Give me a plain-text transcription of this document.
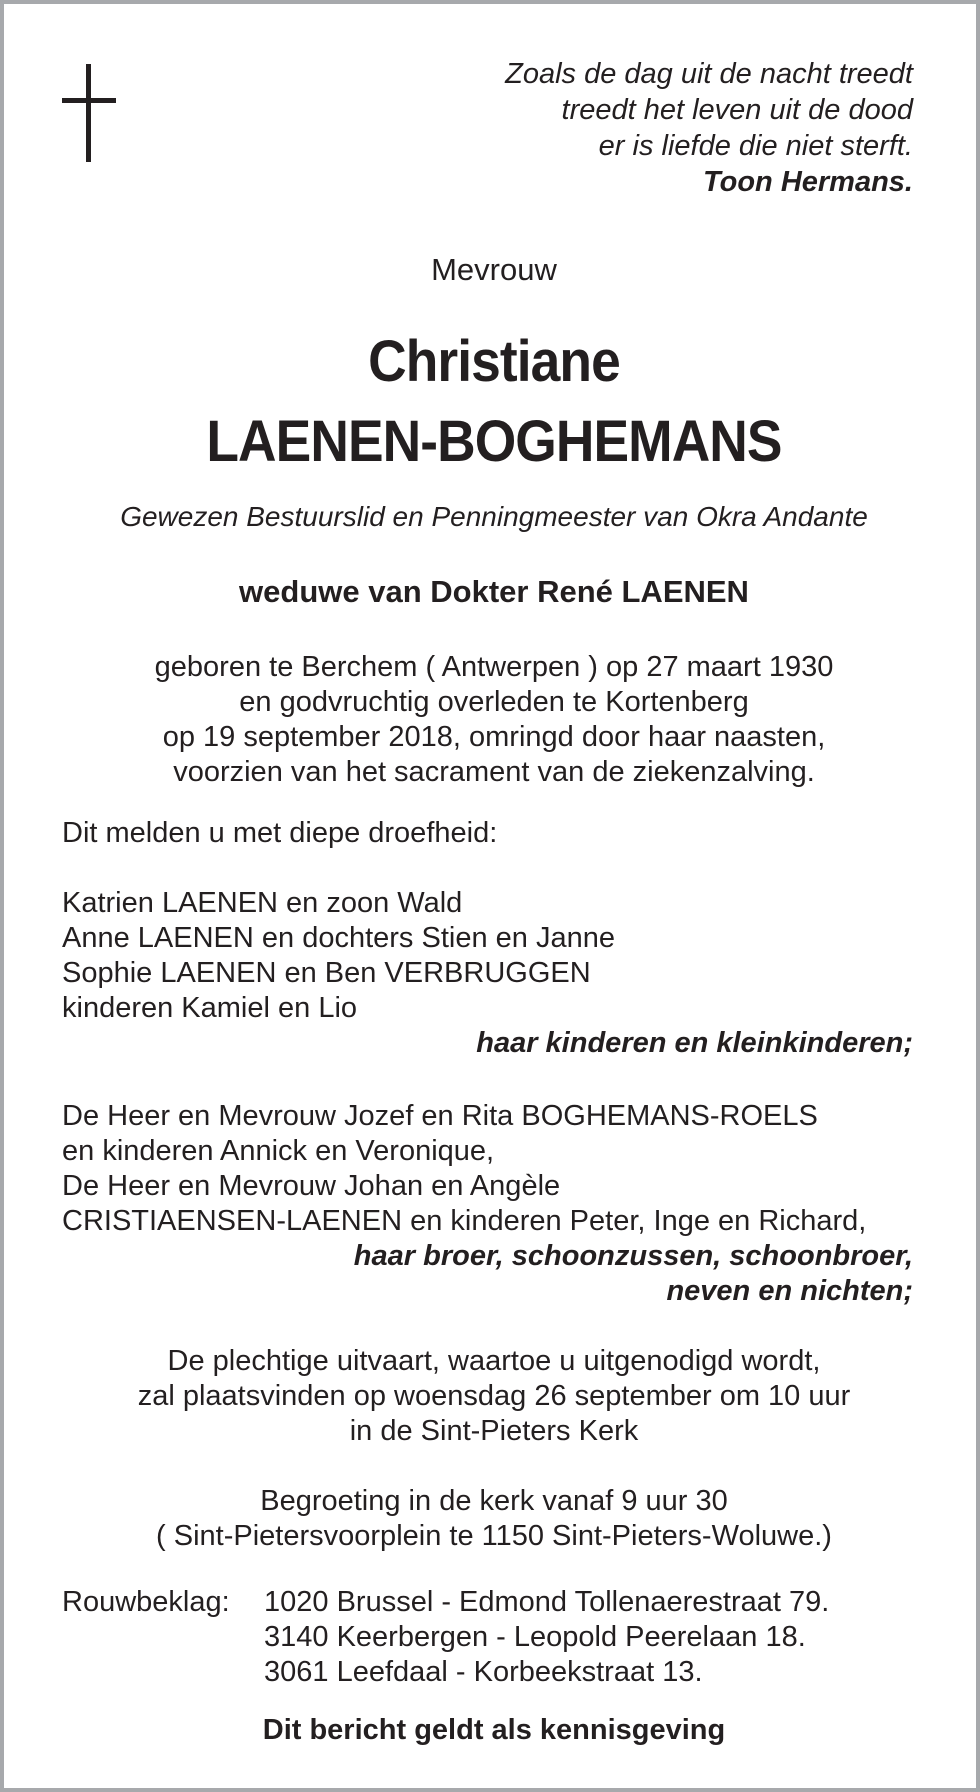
Zoals de dag uit de nacht treedt
treedt het leven uit de dood
er is liefde die niet sterft.
Toon Hermans.
Mevrouw
Christiane
LAENEN-BOGHEMANS
Gewezen Bestuurslid en Penningmeester van Okra Andante
weduwe van Dokter René LAENEN
geboren te Berchem ( Antwerpen ) op 27 maart 1930
en godvruchtig overleden te Kortenberg
op 19 september 2018, omringd door haar naasten,
voorzien van het sacrament van de ziekenzalving.
Dit melden u met diepe droefheid:
Katrien LAENEN en zoon Wald
Anne LAENEN en dochters Stien en Janne
Sophie LAENEN en Ben VERBRUGGEN
kinderen Kamiel en Lio
haar kinderen en kleinkinderen;
De Heer en Mevrouw Jozef en Rita BOGHEMANS-ROELS
en kinderen Annick en Veronique,
De Heer en Mevrouw Johan en Angèle
CRISTIAENSEN-LAENEN en kinderen Peter, Inge en Richard,
haar broer, schoonzussen, schoonbroer,
neven en nichten;
De plechtige uitvaart, waartoe u uitgenodigd wordt,
zal plaatsvinden op woensdag 26 september om 10 uur
in de Sint-Pieters Kerk
Begroeting in de kerk vanaf 9 uur 30
( Sint-Pietersvoorplein te 1150 Sint-Pieters-Woluwe.)
Rouwbeklag:	1020 Brussel - Edmond Tollenaerestraat 79.
3140 Keerbergen - Leopold Peerelaan 18.
3061 Leefdaal - Korbeekstraat 13.
Dit bericht geldt als kennisgeving
